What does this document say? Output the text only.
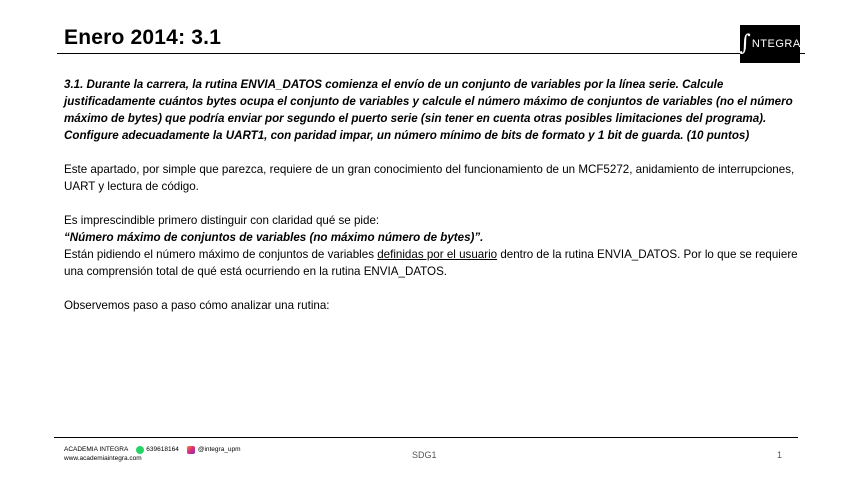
Enero 2014: 3.1	∫ NTEGRA

3.1. Durante la carrera, la rutina ENVIA_DATOS comienza el envío de un conjunto de variables por la línea serie. Calcule justificadamente cuántos bytes ocupa el conjunto de variables y calcule el número máximo de conjuntos de variables (no el número máximo de bytes) que podría enviar por segundo el puerto serie (sin tener en cuenta otras posibles limitaciones del programa). Configure adecuadamente la UART1, con paridad impar, un número mínimo de bits de formato y 1 bit de guarda. (10 puntos)

Este apartado, por simple que parezca, requiere de un gran conocimiento del funcionamiento de un MCF5272, anidamiento de interrupciones, UART y lectura de código.

Es imprescindible primero distinguir con claridad qué se pide:

“Número máximo de conjuntos de variables (no máximo número de bytes)”.

Están pidiendo el número máximo de conjuntos de variables definidas por el usuario dentro de la rutina ENVIA_DATOS. Por lo que se requiere una comprensión total de qué está ocurriendo en la rutina ENVIA_DATOS.

Observemos paso a paso cómo analizar una rutina:

ACADEMIA INTEGRA	639618164	@integra_upm
www.academiaintegra.com	SDG1	1
